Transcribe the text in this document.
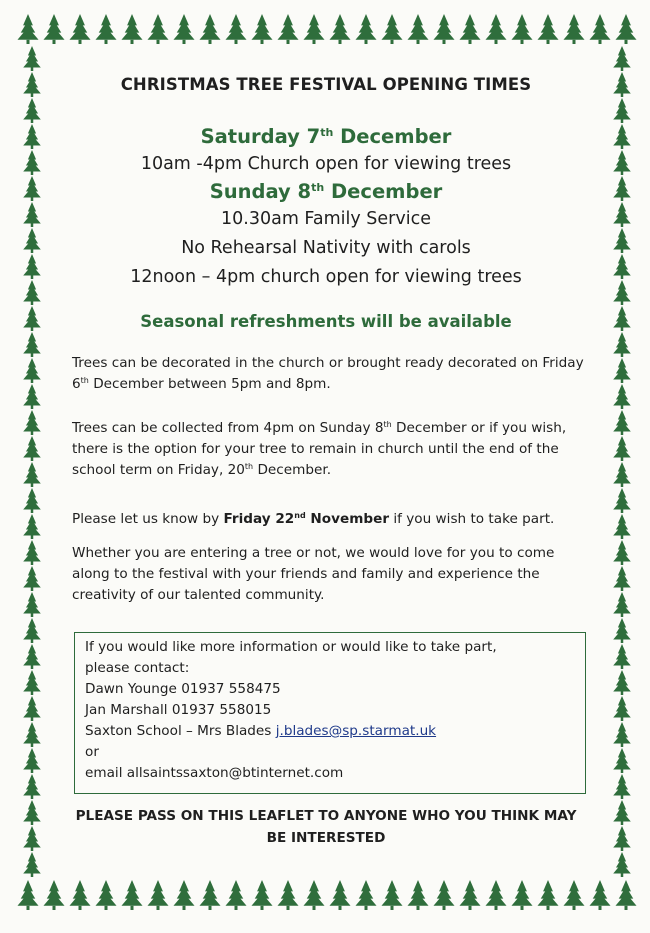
CHRISTMAS TREE FESTIVAL OPENING TIMES
Saturday 7th December
10am -4pm Church open for viewing trees
Sunday 8th December
10.30am Family Service
No Rehearsal Nativity with carols
12noon – 4pm church open for viewing trees
Seasonal refreshments will be available
Trees can be decorated in the church or brought ready decorated on Friday 6th December between 5pm and 8pm.
Trees can be collected from 4pm on Sunday 8th December or if you wish, there is the option for your tree to remain in church until the end of the school term on Friday, 20th December.
Please let us know by Friday 22nd November if you wish to take part.
Whether you are entering a tree or not, we would love for you to come along to the festival with your friends and family and experience the creativity of our talented community.
If you would like more information or would like to take part,
please contact:
Dawn Younge 01937 558475
Jan Marshall 01937 558015
Saxton School – Mrs Blades j.blades@sp.starmat.uk
or
email allsaintssaxton@btinternet.com
PLEASE PASS ON THIS LEAFLET TO ANYONE WHO YOU THINK MAY
BE INTERESTED
